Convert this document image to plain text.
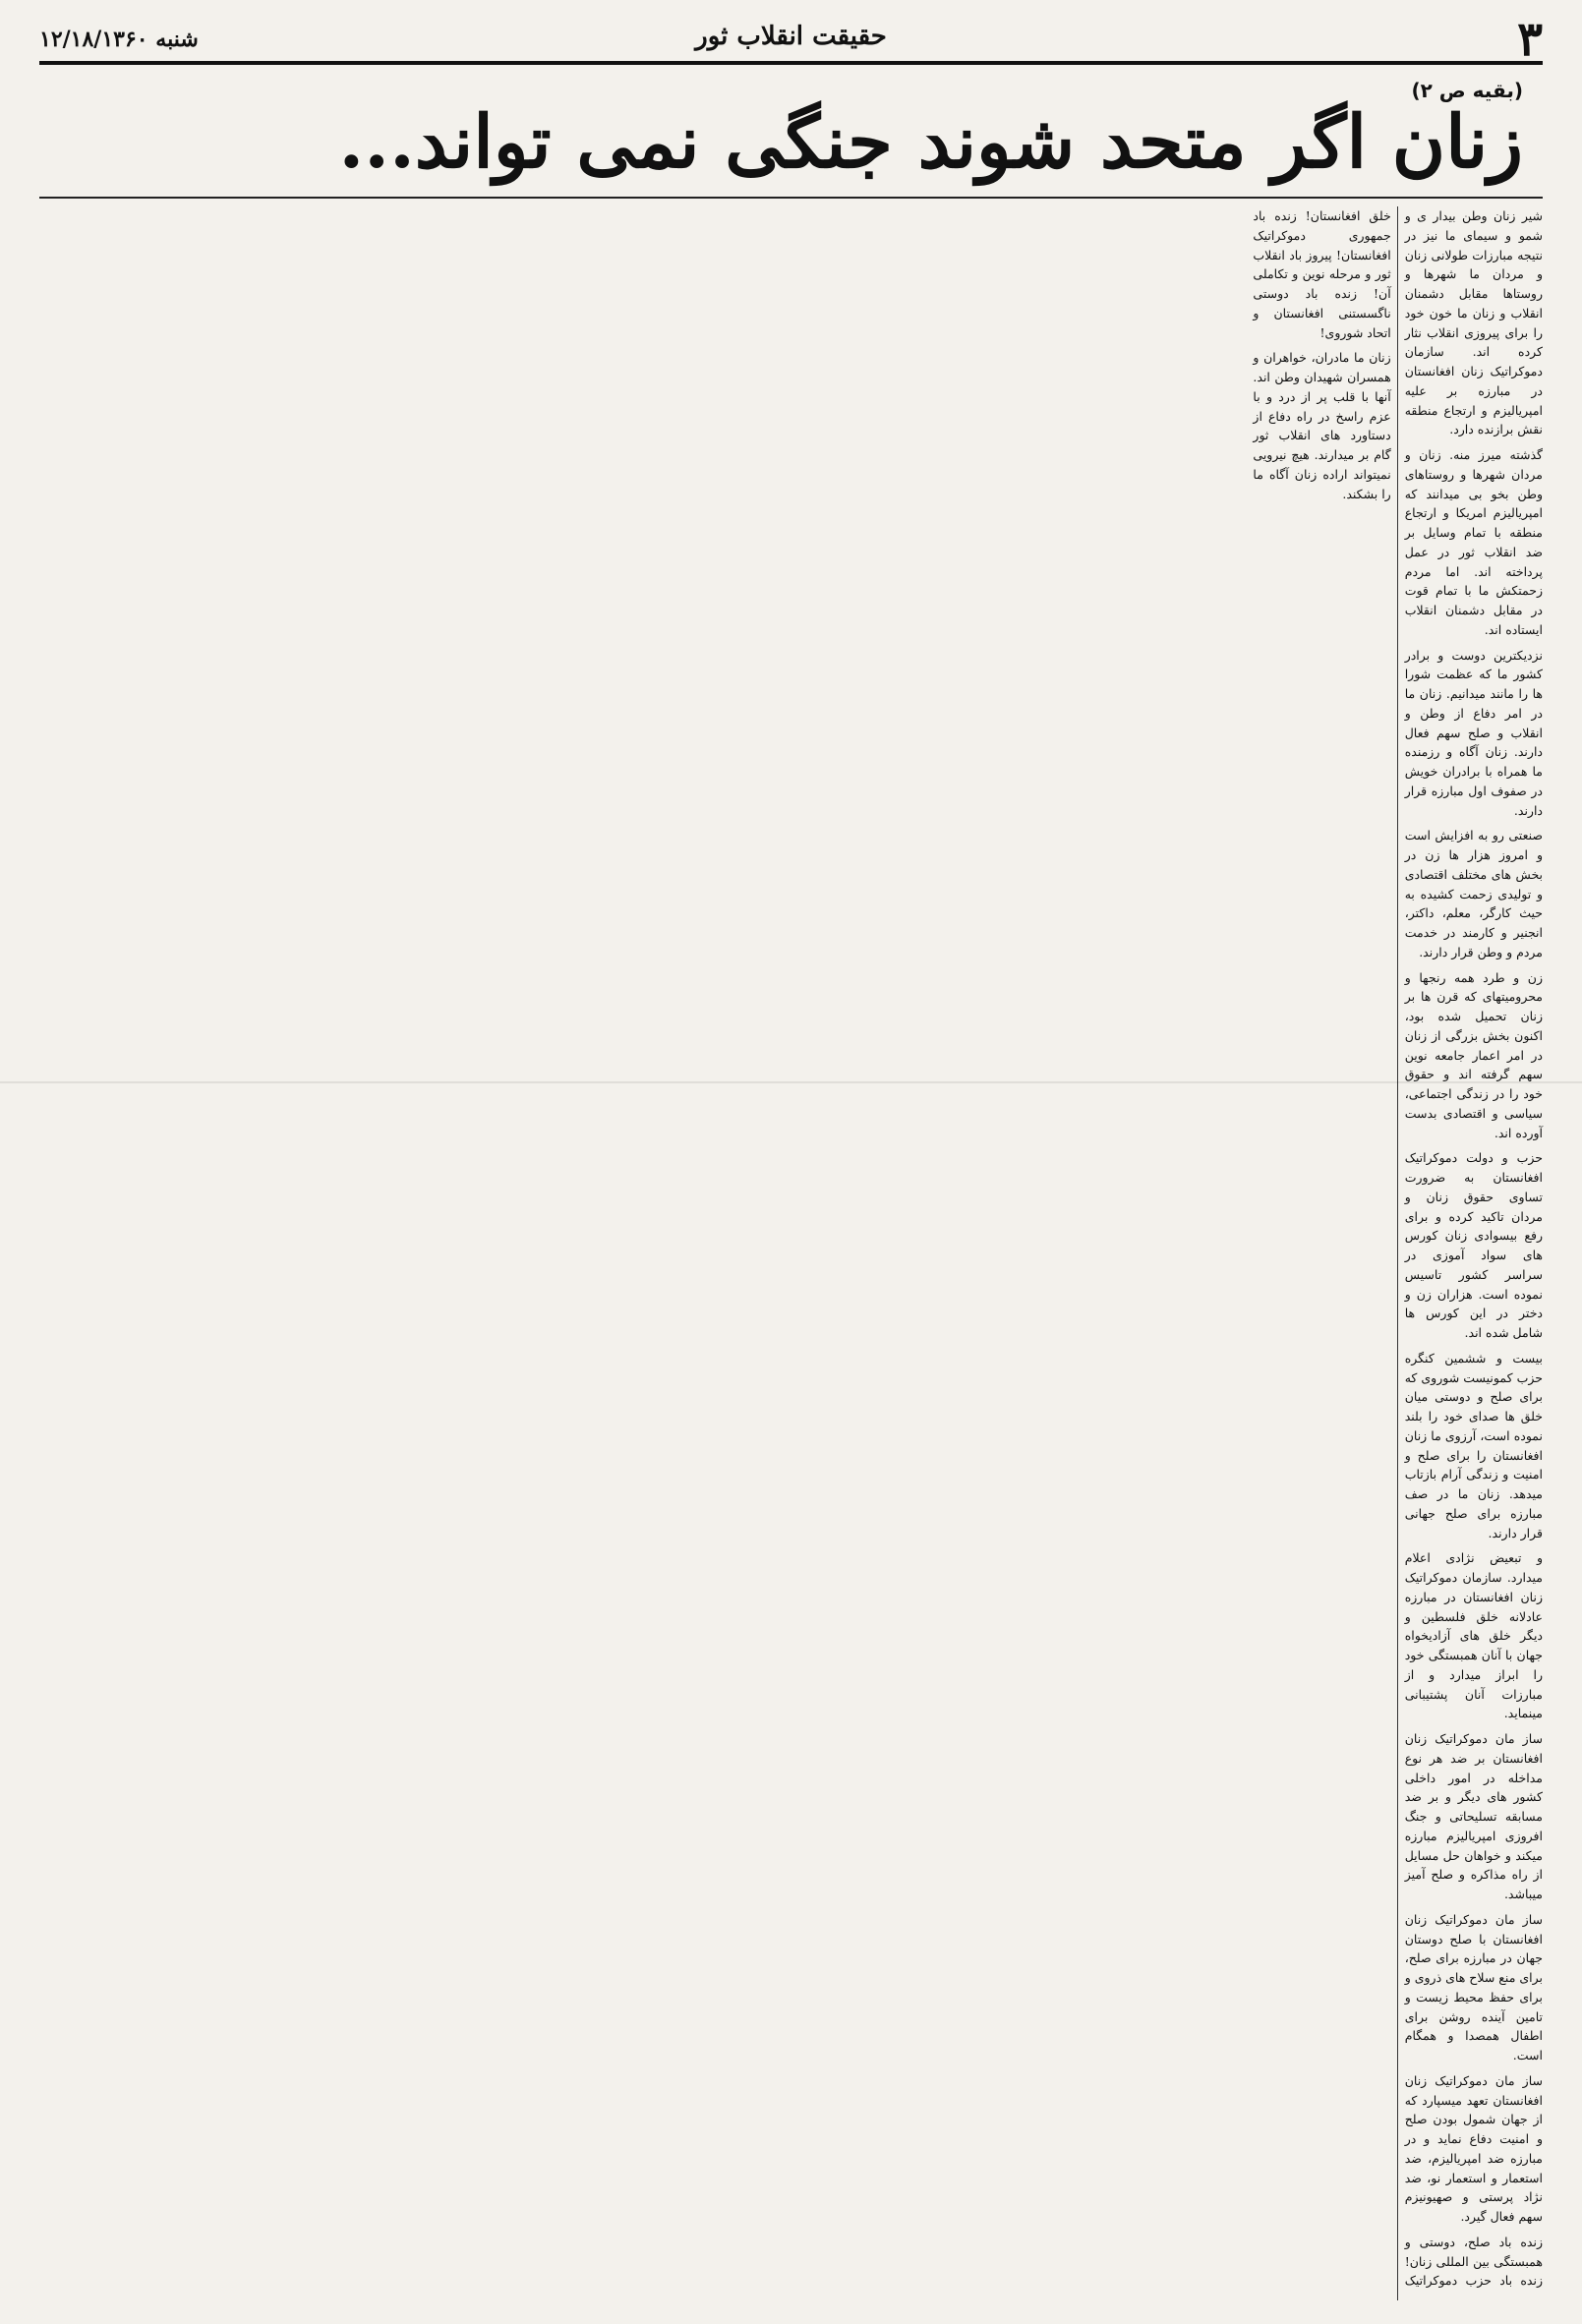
۳
شنبه ۱۲/۱۸/۱۳۶۰	حقیقت انقلاب ثور
(بقیه ص ۲)
زنان اگر متحد شوند جنگی نمی تواند...

شیر زنان وطن بیدار ی و شمو و سیمای ما نیز در نتیجه مبارزات طولانی زنان و مردان ما شهرها و روستاها مقابل دشمنان انقلاب و زنان ما خون خود را برای پیروزی انقلاب نثار کرده اند. سازمان دموکراتیک زنان افغانستان در مبارزه بر علیه امپریالیزم و ارتجاع منطقه نقش برازنده دارد.

گذشته میرز منه. زنان و مردان شهرها و روستاهای وطن بخو بی میدانند که امپریالیزم امریکا و ارتجاع منطقه با تمام وسایل بر ضد انقلاب ثور در عمل پرداخته اند. اما مردم زحمتکش ما با تمام قوت در مقابل دشمنان انقلاب ایستاده اند.

نزدیکترین دوست و برادر کشور ما که عظمت شورا ها را مانند میدانیم. زنان ما در امر دفاع از وطن و انقلاب و صلح سهم فعال دارند. زنان آگاه و رزمنده ما همراه با برادران خویش در صفوف اول مبارزه قرار دارند.

صنعتی رو به افزایش است و امروز هزار ها زن در بخش های مختلف اقتصادی و تولیدی زحمت کشیده به حیث کارگر، معلم، داکتر، انجنیر و کارمند در خدمت مردم و وطن قرار دارند.

زن و طرد همه رنجها و محرومیتهای که قرن ها بر زنان تحمیل شده بود، اکنون بخش بزرگی از زنان در امر اعمار جامعه نوین سهم گرفته اند و حقوق خود را در زندگی اجتماعی، سیاسی و اقتصادی بدست آورده اند.

حزب و دولت دموکراتیک افغانستان به ضرورت تساوی حقوق زنان و مردان تاکید کرده و برای رفع بیسوادی زنان کورس های سواد آموزی در سراسر کشور تاسیس نموده است. هزاران زن و دختر در این کورس ها شامل شده اند.

بیست و ششمین کنگره حزب کمونیست شوروی که برای صلح و دوستی میان خلق ها صدای خود را بلند نموده است، آرزوی ما زنان افغانستان را برای صلح و امنیت و زندگی آرام بازتاب میدهد. زنان ما در صف مبارزه برای صلح جهانی قرار دارند.

و تبعیض نژادی اعلام میدارد. سازمان دموکراتیک زنان افغانستان در مبارزه عادلانه خلق فلسطین و دیگر خلق های آزادیخواه جهان با آنان همبستگی خود را ابراز میدارد و از مبارزات آنان پشتیبانی مینماید.

ساز مان دموکراتیک زنان افغانستان بر ضد هر نوع مداخله در امور داخلی کشور های دیگر و بر ضد مسابقه تسلیحاتی و جنگ افروزی امپریالیزم مبارزه میکند و خواهان حل مسایل از راه مذاکره و صلح آمیز میباشد.

ساز مان دموکراتیک زنان افغانستان با صلح دوستان جهان در مبارزه برای صلح، برای منع سلاح های ذروی و برای حفظ محیط زیست و تامین آینده روشن برای اطفال همصدا و همگام است.

ساز مان دموکراتیک زنان افغانستان تعهد میسپارد که از جهان شمول بودن صلح و امنیت دفاع نماید و در مبارزه ضد امپریالیزم، ضد استعمار و استعمار نو، ضد نژاد پرستی و صهیونیزم سهم فعال گیرد.

زنده باد صلح، دوستی و همبستگی بین المللی زنان! زنده باد حزب دموکراتیک خلق افغانستان! زنده باد جمهوری دموکراتیک افغانستان! پیروز باد انقلاب ثور و مرحله نوین و تکاملی آن! زنده باد دوستی ناگسستنی افغانستان و اتحاد شوروی!

زنان ما مادران، خواهران و همسران شهیدان وطن اند. آنها با قلب پر از درد و با عزم راسخ در راه دفاع از دستاورد های انقلاب ثور گام بر میدارند. هیچ نیرویی نمیتواند اراده زنان آگاه ما را بشکند.
